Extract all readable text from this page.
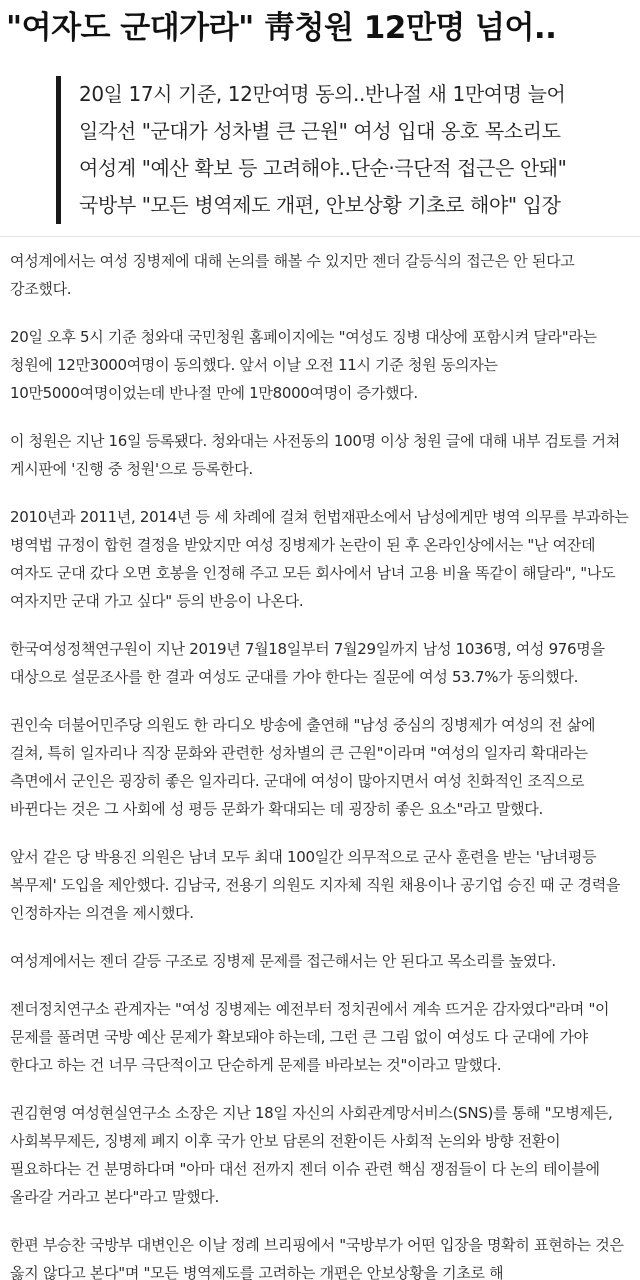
"여자도 군대가라" 靑청원 12만명 넘어..
20일 17시 기준, 12만여명 동의..반나절 새 1만여명 늘어
일각선 "군대가 성차별 큰 근원" 여성 입대 옹호 목소리도
여성계 "예산 확보 등 고려해야..단순·극단적 접근은 안돼"
국방부 "모든 병역제도 개편, 안보상황 기초로 해야" 입장

여성계에서는 여성 징병제에 대해 논의를 해볼 수 있지만 젠더 갈등식의 접근은 안 된다고 강조했다.

20일 오후 5시 기준 청와대 국민청원 홈페이지에는 "여성도 징병 대상에 포함시켜 달라"라는 청원에 12만3000여명이 동의했다. 앞서 이날 오전 11시 기준 청원 동의자는 10만5000여명이었는데 반나절 만에 1만8000여명이 증가했다.

이 청원은 지난 16일 등록됐다. 청와대는 사전동의 100명 이상 청원 글에 대해 내부 검토를 거쳐 게시판에 '진행 중 청원'으로 등록한다.

2010년과 2011년, 2014년 등 세 차례에 걸쳐 헌법재판소에서 남성에게만 병역 의무를 부과하는 병역법 규정이 합헌 결정을 받았지만 여성 징병제가 논란이 된 후 온라인상에서는 "난 여잔데 여자도 군대 갔다 오면 호봉을 인정해 주고 모든 회사에서 남녀 고용 비율 똑같이 해달라", "나도 여자지만 군대 가고 싶다" 등의 반응이 나온다.

한국여성정책연구원이 지난 2019년 7월18일부터 7월29일까지 남성 1036명, 여성 976명을 대상으로 설문조사를 한 결과 여성도 군대를 가야 한다는 질문에 여성 53.7%가 동의했다.

권인숙 더불어민주당 의원도 한 라디오 방송에 출연해 "남성 중심의 징병제가 여성의 전 삶에 걸쳐, 특히 일자리나 직장 문화와 관련한 성차별의 큰 근원"이라며 "여성의 일자리 확대라는 측면에서 군인은 굉장히 좋은 일자리다. 군대에 여성이 많아지면서 여성 친화적인 조직으로 바뀐다는 것은 그 사회에 성 평등 문화가 확대되는 데 굉장히 좋은 요소"라고 말했다.

앞서 같은 당 박용진 의원은 남녀 모두 최대 100일간 의무적으로 군사 훈련을 받는 '남녀평등 복무제' 도입을 제안했다. 김남국, 전용기 의원도 지자체 직원 채용이나 공기업 승진 때 군 경력을 인정하자는 의견을 제시했다.

여성계에서는 젠더 갈등 구조로 징병제 문제를 접근해서는 안 된다고 목소리를 높였다.

젠더정치연구소 관계자는 "여성 징병제는 예전부터 정치권에서 계속 뜨거운 감자였다"라며 "이 문제를 풀려면 국방 예산 문제가 확보돼야 하는데, 그런 큰 그림 없이 여성도 다 군대에 가야 한다고 하는 건 너무 극단적이고 단순하게 문제를 바라보는 것"이라고 말했다.

권김현영 여성현실연구소 소장은 지난 18일 자신의 사회관계망서비스(SNS)를 통해 "모병제든, 사회복무제든, 징병제 폐지 이후 국가 안보 담론의 전환이든 사회적 논의와 방향 전환이 필요하다는 건 분명하다며 "아마 대선 전까지 젠더 이슈 관련 핵심 쟁점들이 다 논의 테이블에 올라갈 거라고 본다"라고 말했다.

한편 부승찬 국방부 대변인은 이날 정례 브리핑에서 "국방부가 어떤 입장을 명확히 표현하는 것은 옳지 않다고 본다"며 "모든 병역제도를 고려하는 개편은 안보상황을 기초로 해
